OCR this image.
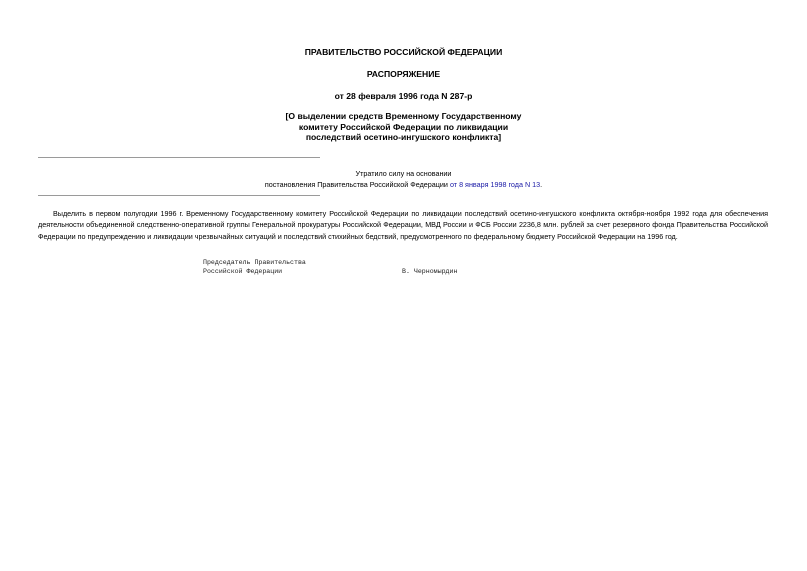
ПРАВИТЕЛЬСТВО РОССИЙСКОЙ ФЕДЕРАЦИИ
РАСПОРЯЖЕНИЕ
от 28 февраля 1996 года N 287-р
[О выделении средств Временному Государственному
комитету Российской Федерации по ликвидации
последствий осетино-ингушского конфликта]
Утратило силу на основании
постановления Правительства Российской Федерации от 8 января 1998 года N 13.

Выделить в первом полугодии 1996 г. Временному Государственному комитету Российской Федерации по ликвидации последствий осетино-ингушского конфликта октября-ноября 1992 года для обеспечения деятельности объединенной следственно-оперативной группы Генеральной прокуратуры Российской Федерации, МВД России и ФСБ России 2236,8 млн. рублей за счет резервного фонда Правительства Российской Федерации по предупреждению и ликвидации чрезвычайных ситуаций и последствий стихийных бедствий, предусмотренного по федеральному бюджету Российской Федерации на 1996 год.

Председатель Правительства
Российской Федерации	В. Черномырдин
